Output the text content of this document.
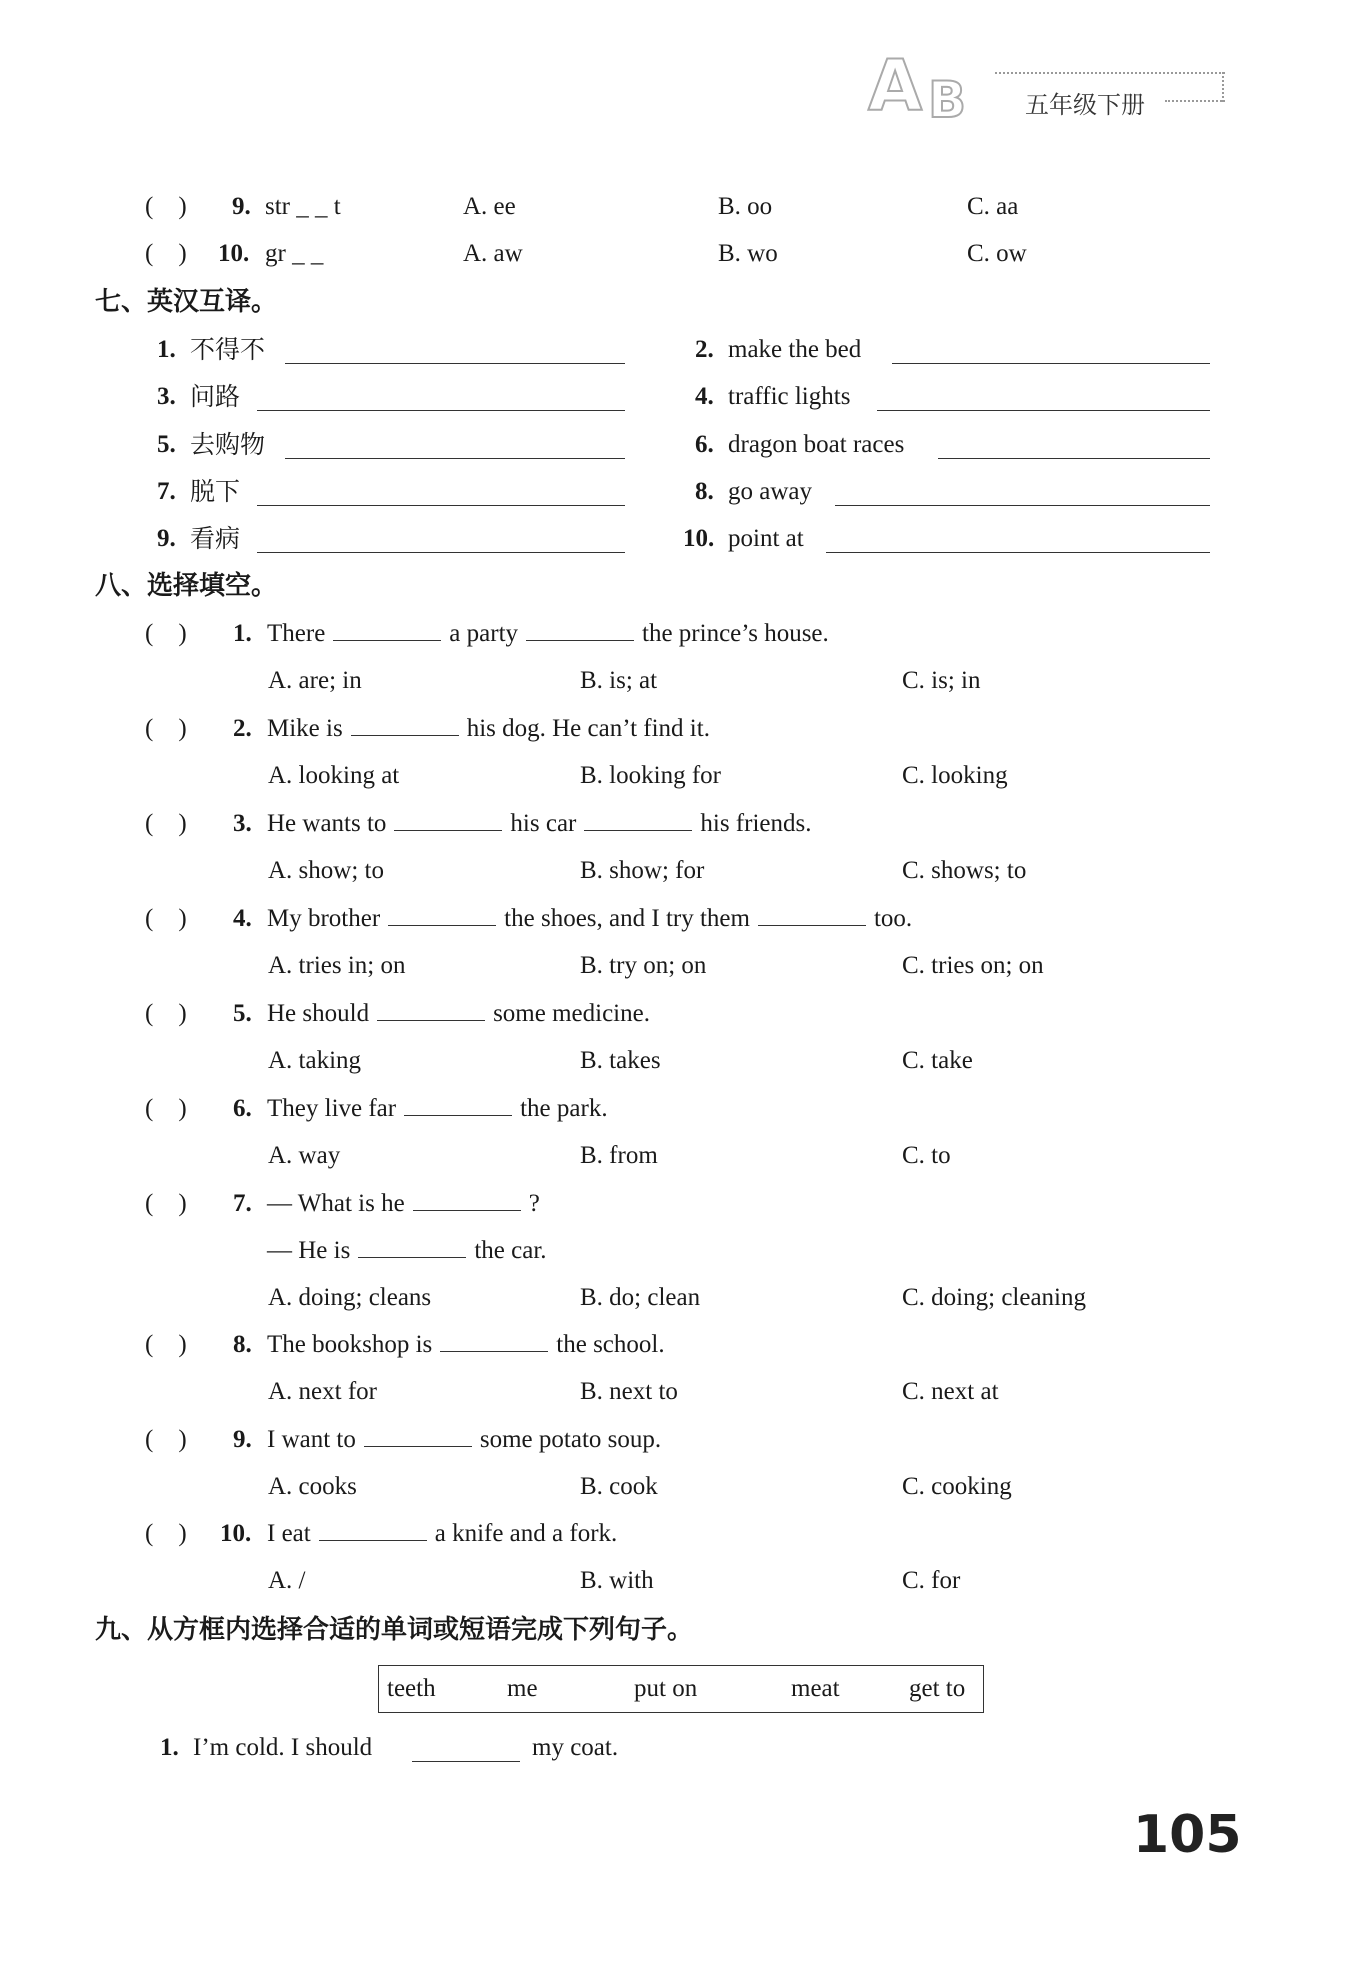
A B 五年级下册
(　) 9. str _ _ t	A. ee	B. oo	C. aa
(　) 10. gr _ _	A. aw	B. wo	C. ow
七、英汉互译。
1. 不得不	2. make the bed
3. 问路	4. traffic lights
5. 去购物	6. dragon boat races
7. 脱下	8. go away
9. 看病	10. point at
八、选择填空。
(　) 1. There	a party	the prince’s house.
A. are; in	B. is; at	C. is; in
(　) 2. Mike is	his dog. He can’t find it.
A. looking at	B. looking for	C. looking
(　) 3. He wants to	his car	his friends.
A. show; to	B. show; for	C. shows; to
(　) 4. My brother	the shoes, and I try them	too.
A. tries in; on	B. try on; on	C. tries on; on
(　) 5. He should	some medicine.
A. taking	B. takes	C. take
(　) 6. They live far	the park.
A. way	B. from	C. to
(　) 7. — What is he	?
— He is	the car.
A. doing; cleans	B. do; clean	C. doing; cleaning
(　) 8. The bookshop is	the school.
A. next for	B. next to	C. next at
(　) 9. I want to	some potato soup.
A. cooks	B. cook	C. cooking
(　) 10. I eat	a knife and a fork.
A. /	B. with	C. for
九、从方框内选择合适的单词或短语完成下列句子。
teeth	me	put on	meat	get to
1. I’m cold. I should	my coat.
105
